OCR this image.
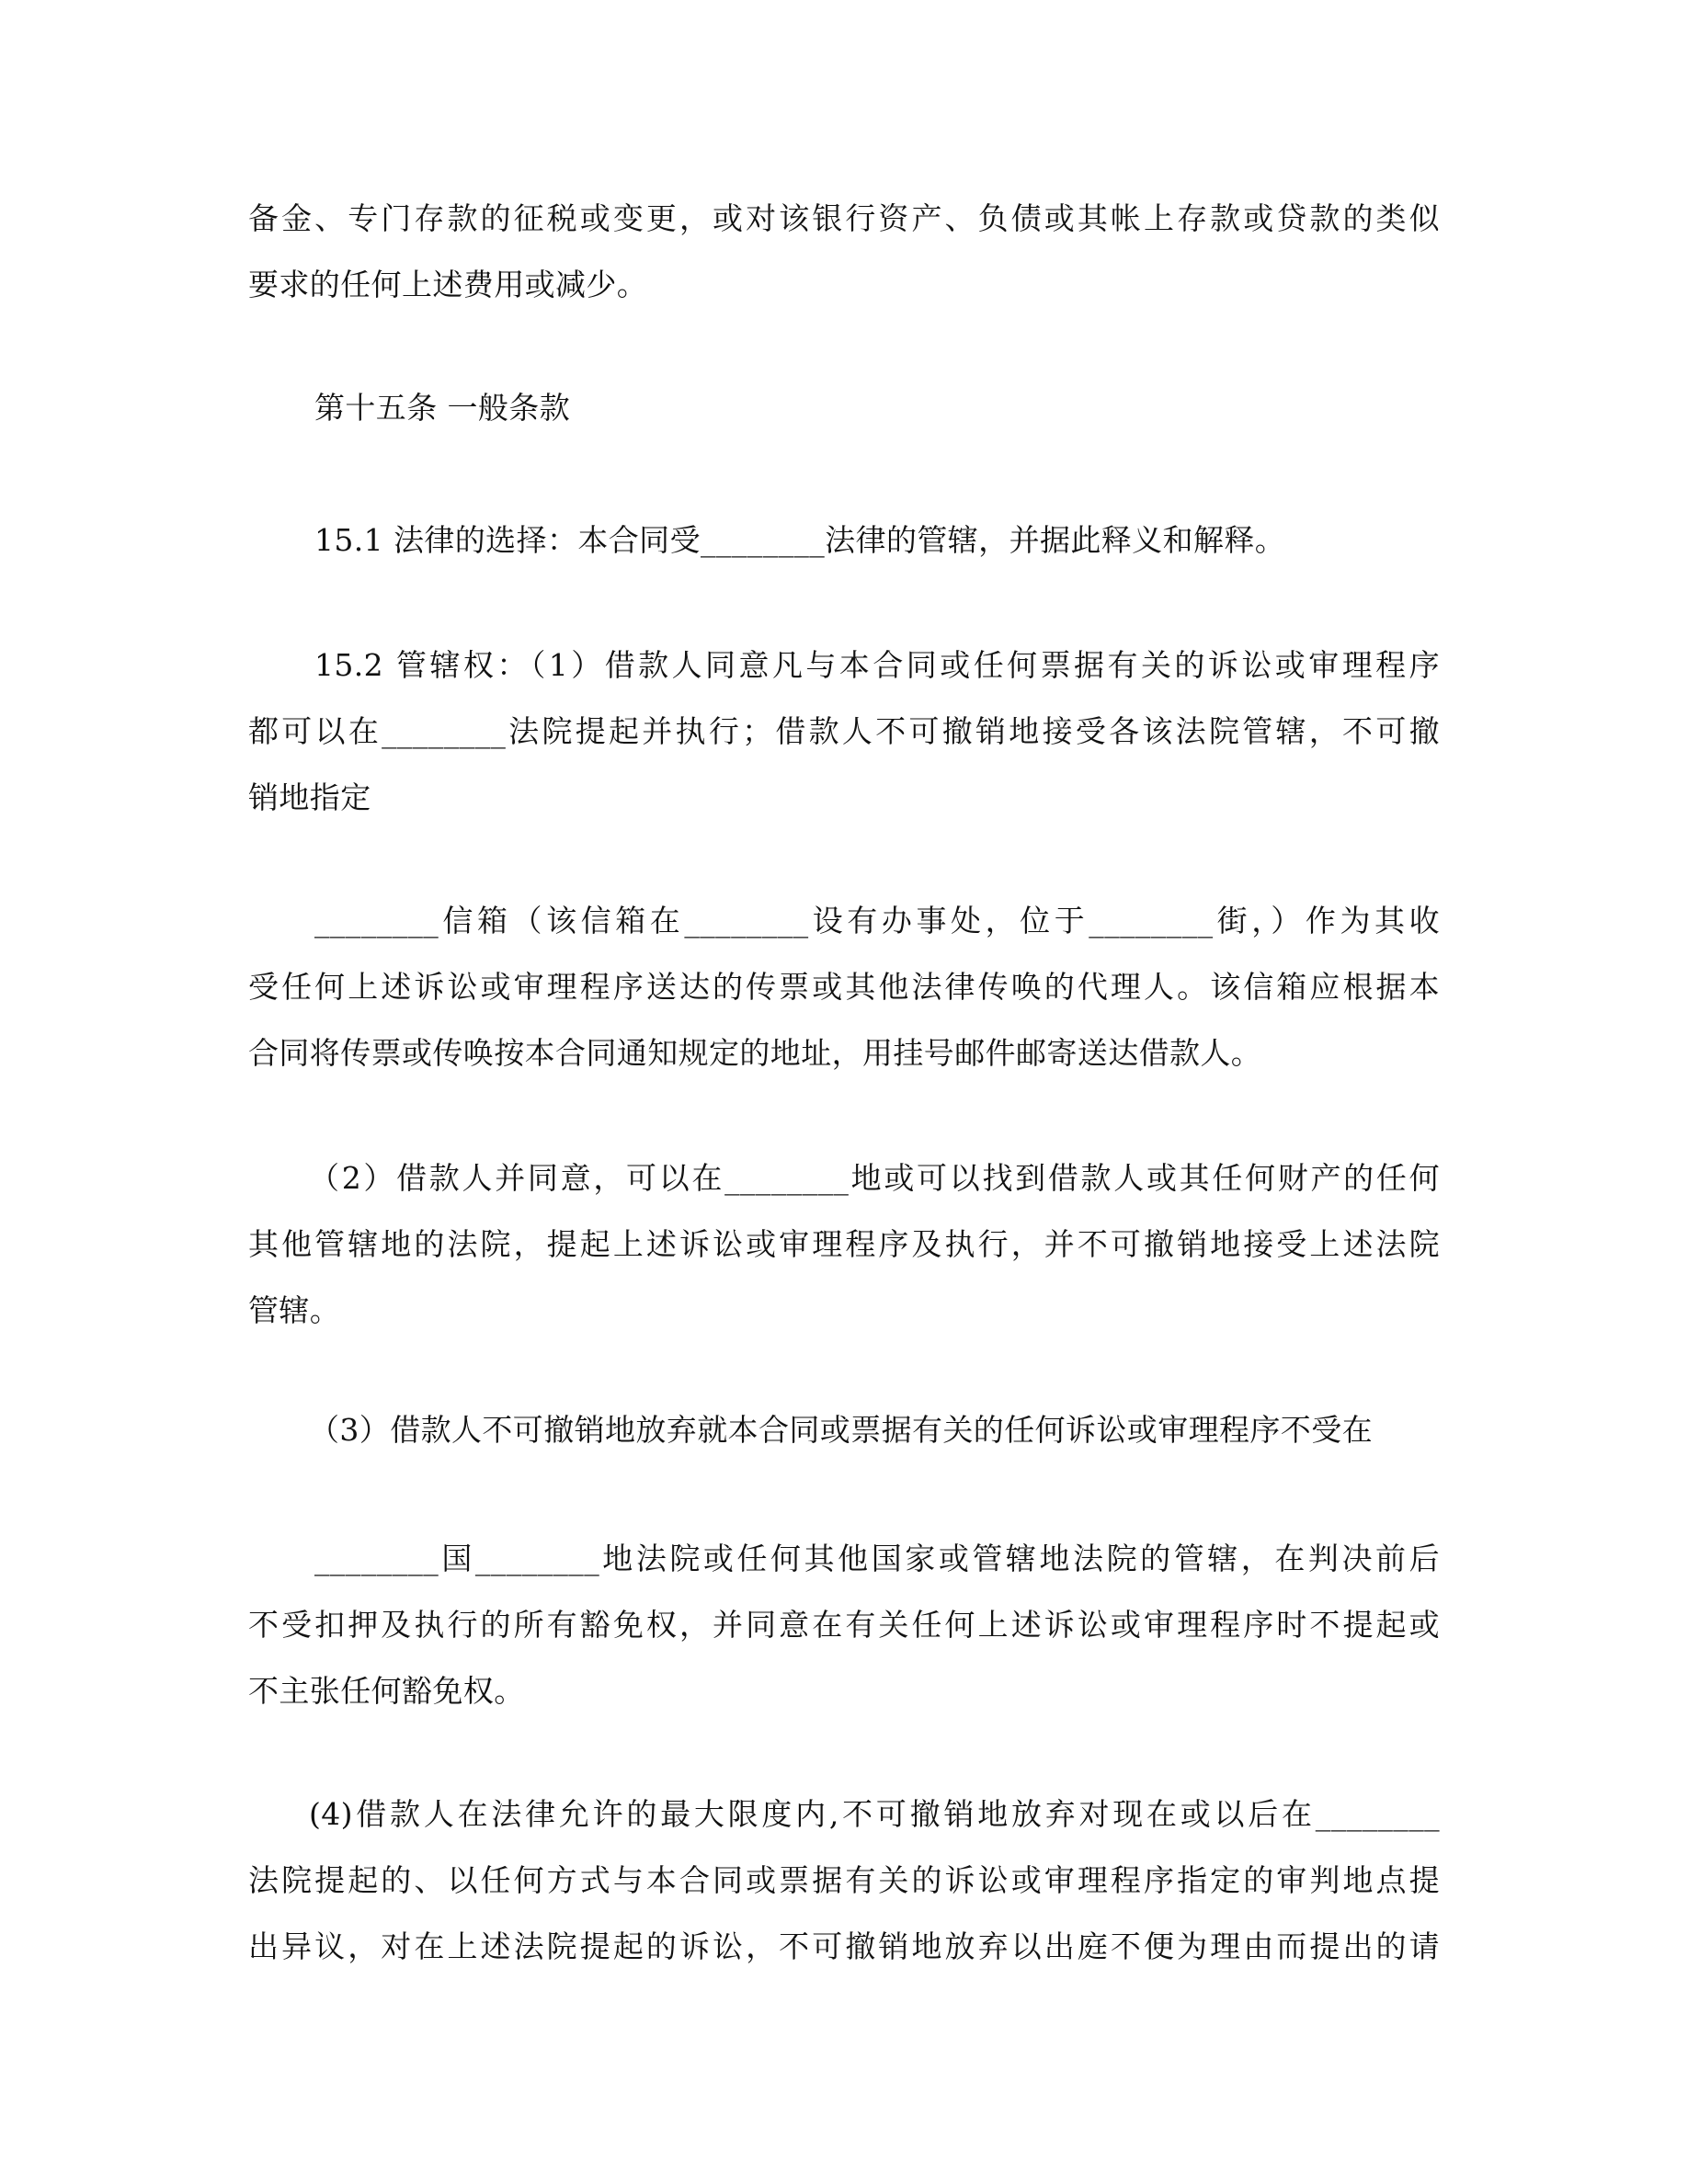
备金、专门存款的征税或变更，或对该银行资产、负债或其帐上存款或贷款的类似
要求的任何上述费用或减少。
第十五条 一般条款
15.1 法律的选择：本合同受________法律的管辖，并据此释义和解释。
15.2 管辖权：（1）借款人同意凡与本合同或任何票据有关的诉讼或审理程序
都可以在________法院提起并执行；借款人不可撤销地接受各该法院管辖，不可撤
销地指定
________信箱（该信箱在________设有办事处，位于________街，）作为其收
受任何上述诉讼或审理程序送达的传票或其他法律传唤的代理人。该信箱应根据本
合同将传票或传唤按本合同通知规定的地址，用挂号邮件邮寄送达借款人。
（2）借款人并同意，可以在________地或可以找到借款人或其任何财产的任何
其他管辖地的法院，提起上述诉讼或审理程序及执行，并不可撤销地接受上述法院
管辖。
（3）借款人不可撤销地放弃就本合同或票据有关的任何诉讼或审理程序不受在
________国________地法院或任何其他国家或管辖地法院的管辖，在判决前后
不受扣押及执行的所有豁免权，并同意在有关任何上述诉讼或审理程序时不提起或
不主张任何豁免权。
(4)借款人在法律允许的最大限度内,不可撤销地放弃对现在或以后在________
法院提起的、以任何方式与本合同或票据有关的诉讼或审理程序指定的审判地点提
出异议，对在上述法院提起的诉讼，不可撤销地放弃以出庭不便为理由而提出的请
